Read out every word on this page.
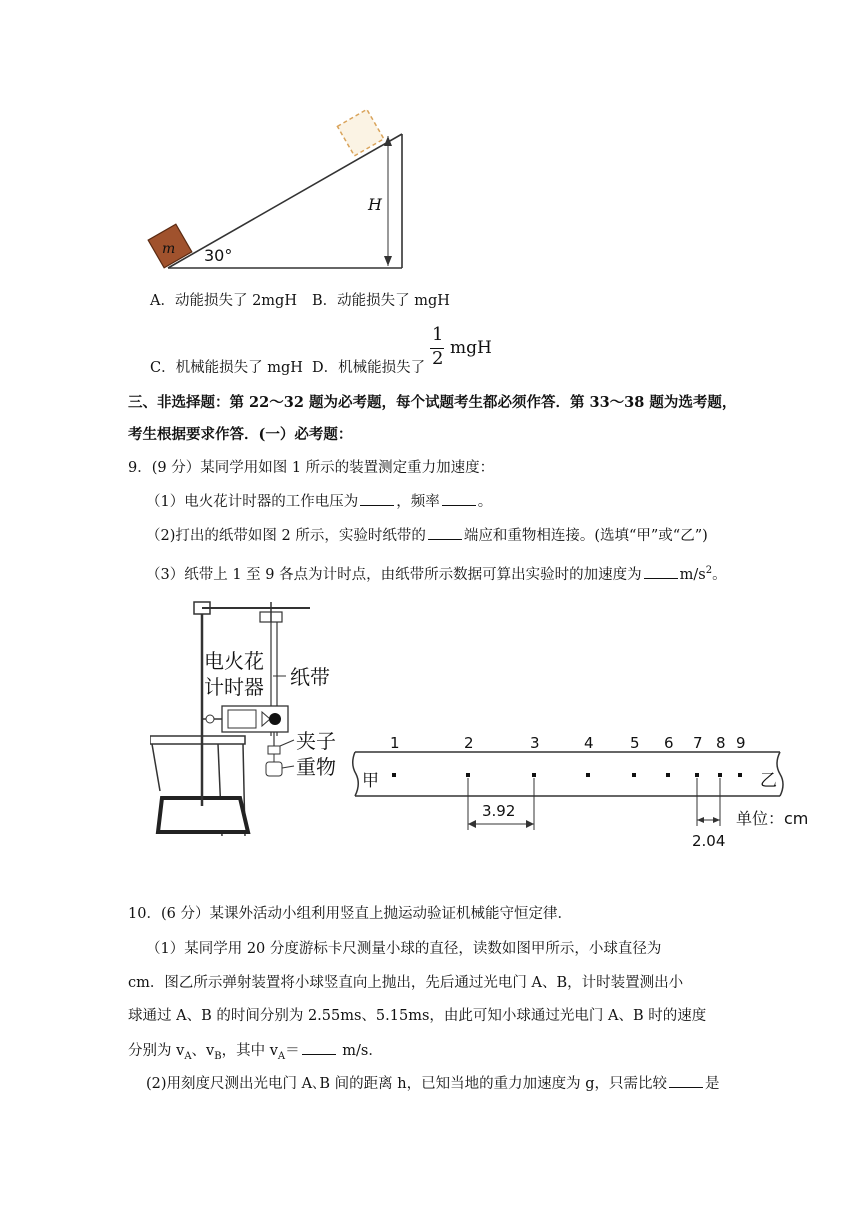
m 30°
H
A．动能损失了 2mgH B．动能损失了 mgH
C．机械能损失了 mgH D．机械能损失了
1
2 mgH
三、非选择题：第 22～32 题为必考题，每个试题考生都必须作答．第 33～38 题为选考题，
考生根据要求作答．(一）必考题：
9．(9 分）某同学用如图 1 所示的装置测定重力加速度：
（1）电火花计时器的工作电压为	，频率	。
（2)打出的纸带如图 2 所示，实验时纸带的	端应和重物相连接。(选填“甲”或“乙”)
（3）纸带上 1 至 9 各点为计时点，由纸带所示数据可算出实验时的加速度为	$m/s^2$。
电火花
计时器 纸带
夹子
重物
甲	乙
1	2	3	4 5 6 7 8 9
3.92
2.04
单位：cm
10．(6 分）某课外活动小组利用竖直上抛运动验证机械能守恒定律．
（1）某同学用 20 分度游标卡尺测量小球的直径，读数如图甲所示，小球直径为
cm．图乙所示弹射装置将小球竖直向上抛出，先后通过光电门 A、B，计时装置测出小
球通过 A、B 的时间分别为 2.55ms、5.15ms，由此可知小球通过光电门 A、B 时的速度
分别为 $v_A$、$v_B$，其中 $v_A=$	m/s．
(2)用刻度尺测出光电门 A､B 间的距离 h，已知当地的重力加速度为 g，只需比较	是
